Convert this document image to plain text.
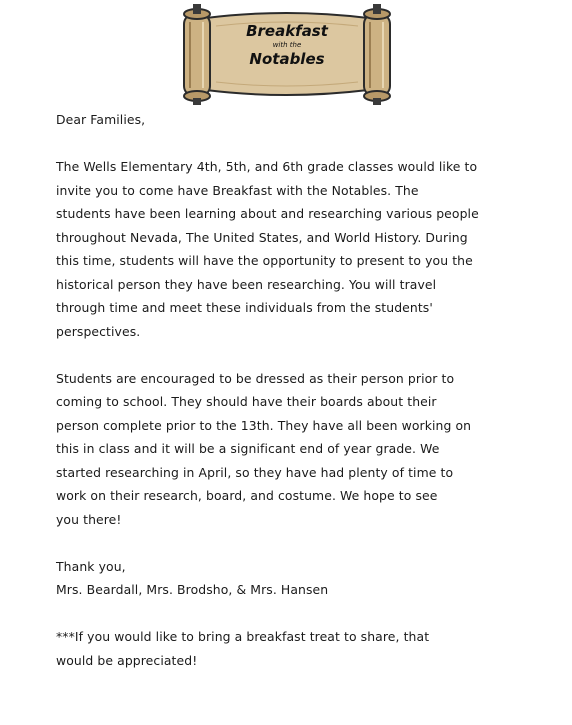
Breakfast
with the
Notables

Dear Families,

The Wells Elementary 4th, 5th, and 6th grade classes would like to
invite you to come have Breakfast with the Notables. The
students have been learning about and researching various people
throughout Nevada, The United States, and World History. During
this time, students will have the opportunity to present to you the
historical person they have been researching. You will travel
through time and meet these individuals from the students'
perspectives.

Students are encouraged to be dressed as their person prior to
coming to school. They should have their boards about their
person complete prior to the 13th. They have all been working on
this in class and it will be a significant end of year grade. We
started researching in April, so they have had plenty of time to
work on their research, board, and costume. We hope to see
you there!

Thank you,

Mrs. Beardall, Mrs. Brodsho, & Mrs. Hansen

***If you would like to bring a breakfast treat to share, that
would be appreciated!
